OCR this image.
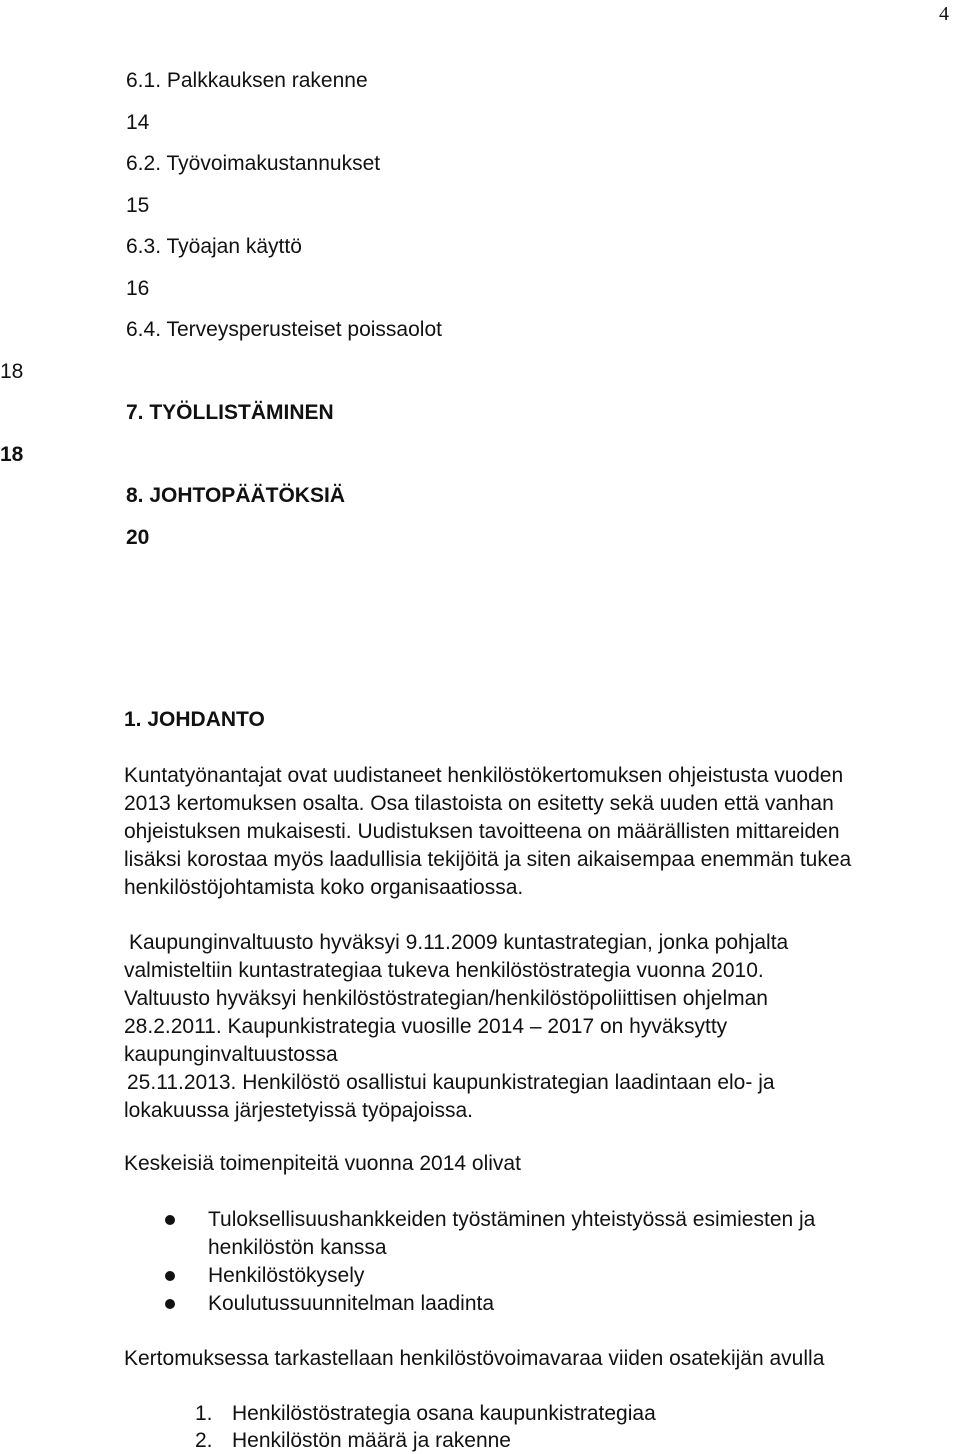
4
6.1. Palkkauksen rakenne
14
6.2. Työvoimakustannukset
15
6.3. Työajan käyttö
16
6.4. Terveysperusteiset poissaolot
18
7. TYÖLLISTÄMINEN
18
8. JOHTOPÄÄTÖKSIÄ
20
1. JOHDANTO
Kuntatyönantajat ovat uudistaneet henkilöstökertomuksen ohjeistusta vuoden
2013 kertomuksen osalta. Osa tilastoista on esitetty sekä uuden että vanhan
ohjeistuksen mukaisesti. Uudistuksen tavoitteena on määrällisten mittareiden
lisäksi korostaa myös laadullisia tekijöitä ja siten aikaisempaa enemmän tukea
henkilöstöjohtamista koko organisaatiossa.
Kaupunginvaltuusto hyväksyi 9.11.2009 kuntastrategian, jonka pohjalta
valmisteltiin kuntastrategiaa tukeva henkilöstöstrategia vuonna 2010.
Valtuusto hyväksyi henkilöstöstrategian/henkilöstöpoliittisen ohjelman
28.2.2011. Kaupunkistrategia vuosille 2014 – 2017 on hyväksytty
kaupunginvaltuustossa
25.11.2013. Henkilöstö osallistui kaupunkistrategian laadintaan elo- ja
lokakuussa järjestetyissä työpajoissa.
Keskeisiä toimenpiteitä vuonna 2014 olivat
Tuloksellisuushankkeiden työstäminen yhteistyössä esimiesten ja
henkilöstön kanssa
Henkilöstökysely
Koulutussuunnitelman laadinta
Kertomuksessa tarkastellaan henkilöstövoimavaraa viiden osatekijän avulla
1. Henkilöstöstrategia osana kaupunkistrategiaa
2. Henkilöstön määrä ja rakenne
